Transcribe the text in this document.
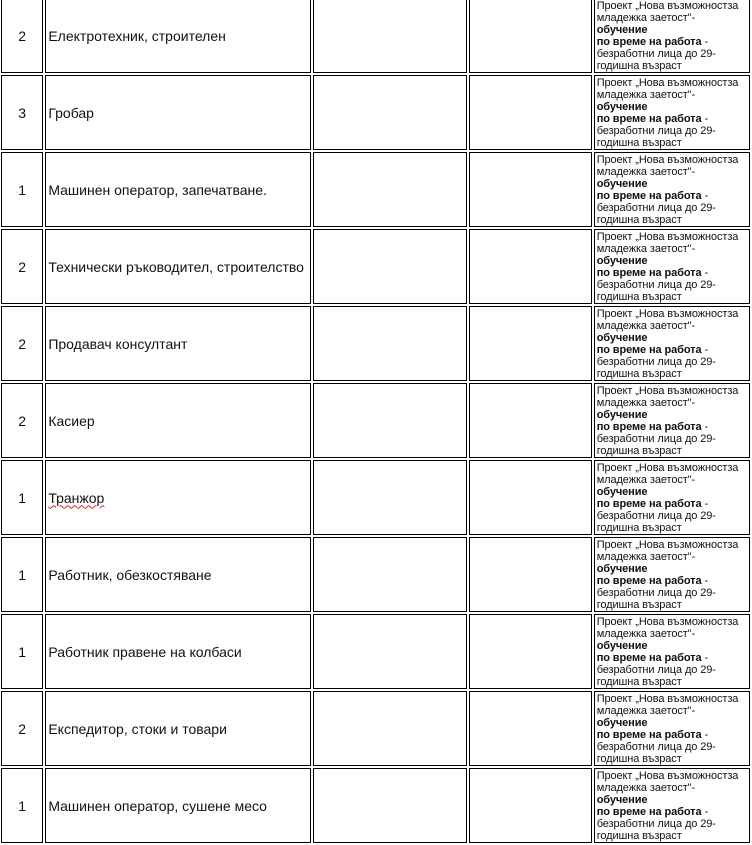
2	Електротехник, строителен			Проект „Нова възможностза
младежка заетост"- обучение
по време на работа -
безработни лица до 29-
годишна възраст
3	Гробар			Проект „Нова възможностза
младежка заетост"- обучение
по време на работа -
безработни лица до 29-
годишна възраст
1	Машинен оператор, запечатване.			Проект „Нова възможностза
младежка заетост"- обучение
по време на работа -
безработни лица до 29-
годишна възраст
2	Технически ръководител, строителство			Проект „Нова възможностза
младежка заетост"- обучение
по време на работа -
безработни лица до 29-
годишна възраст
2	Продавач консултант			Проект „Нова възможностза
младежка заетост"- обучение
по време на работа -
безработни лица до 29-
годишна възраст
2	Касиер			Проект „Нова възможностза
младежка заетост"- обучение
по време на работа -
безработни лица до 29-
годишна възраст
1	Транжор			Проект „Нова възможностза
младежка заетост"- обучение
по време на работа -
безработни лица до 29-
годишна възраст
1	Работник, обезкостяване			Проект „Нова възможностза
младежка заетост"- обучение
по време на работа -
безработни лица до 29-
годишна възраст
1	Работник правене на колбаси			Проект „Нова възможностза
младежка заетост"- обучение
по време на работа -
безработни лица до 29-
годишна възраст
2	Експедитор, стоки и товари			Проект „Нова възможностза
младежка заетост"- обучение
по време на работа -
безработни лица до 29-
годишна възраст
1	Машинен оператор, сушене месо			Проект „Нова възможностза
младежка заетост"- обучение
по време на работа -
безработни лица до 29-
годишна възраст
